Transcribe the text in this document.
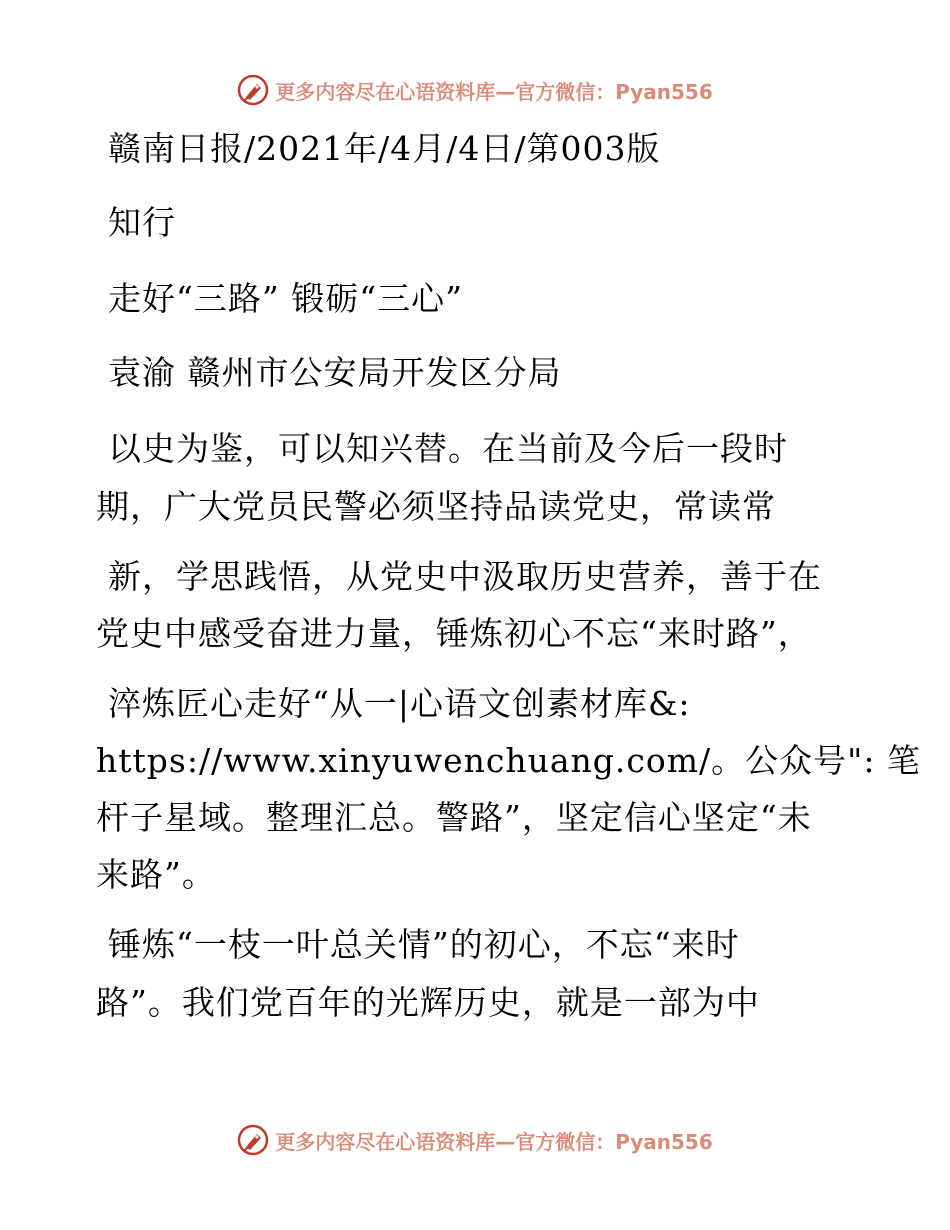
更多内容尽在心语资料库—官方微信：Pyan556
赣南日报/2021年/4月/4日/第003版
知行
走好“三路” 锻砺“三心”
袁渝 赣州市公安局开发区分局
以史为鉴，可以知兴替。在当前及今后一段时
期，广大党员民警必须坚持品读党史，常读常
新，学思践悟，从党史中汲取历史营养，善于在
党史中感受奋进力量，锤炼初心不忘“来时路”，
淬炼匠心走好“从一|心语文创素材库&:
https://www.xinyuwenchuang.com/。公众号": 笔
杆子星域。整理汇总。警路”，坚定信心坚定“未
来路”。
锤炼“一枝一叶总关情”的初心，不忘“来时
路”。我们党百年的光辉历史，就是一部为中
更多内容尽在心语资料库—官方微信：Pyan556
